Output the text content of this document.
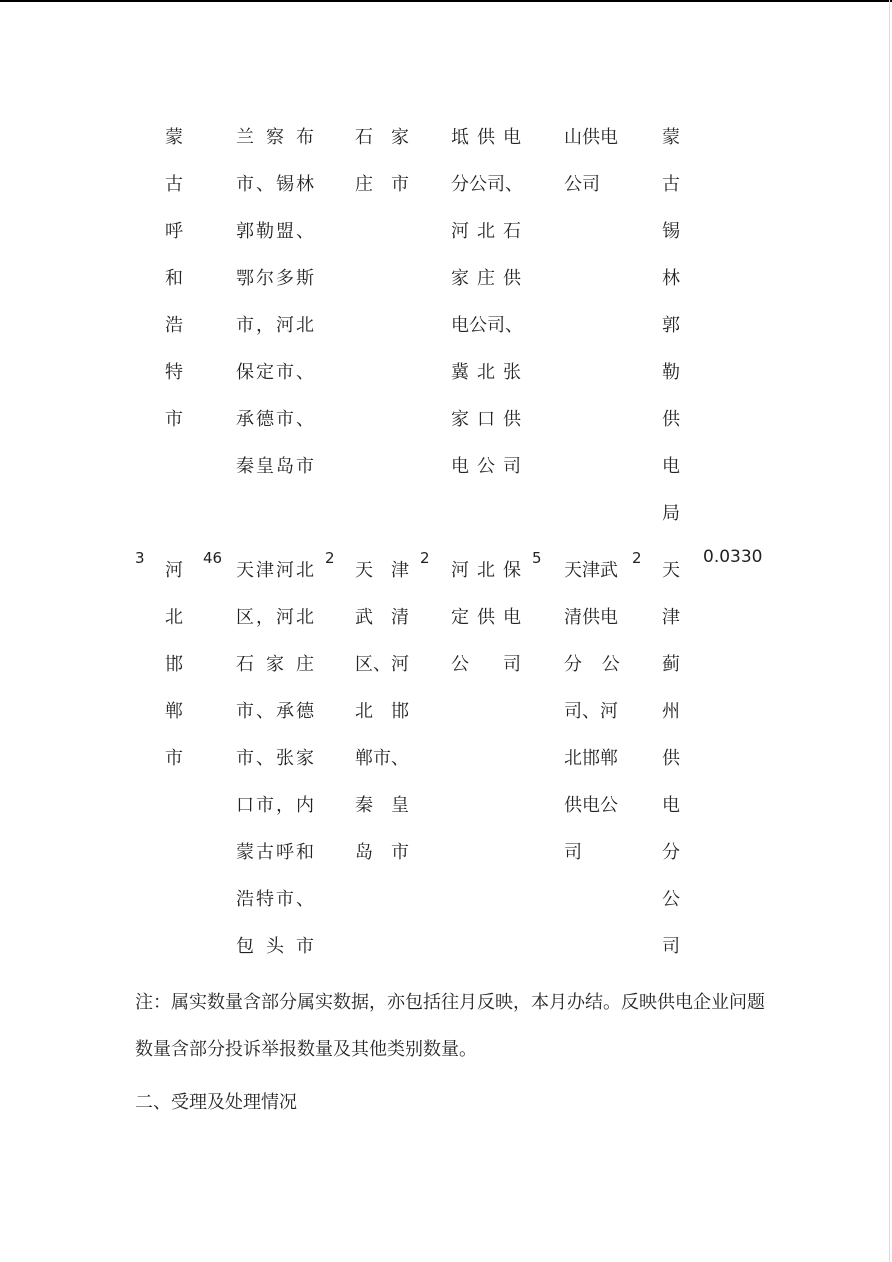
蒙
古
呼
和
浩
特
市
兰 察 布
市、锡林
郭勒盟、
鄂尔多斯
市，河北
保定市、
承德市、
秦皇岛市
石 家
庄市
坻 供 电
分公司、
河 北 石
家 庄 供
电公司、
冀 北 张
家 口 供
电公司
山供电
公司
蒙
古
锡
林
郭
勒
供
电
局
3
河
北
邯
郸
市
46
天津河北
区，河北
石 家 庄
市、承德
市、张家
口市，内
蒙古呼和
浩特市、
包头市
2
天 津
武 清
区、河
北 邯
郸市、
秦 皇
岛市
2
河 北 保
定 供 电
公司
5
天津武
清供电
分 公
司、河
北邯郸
供电公
司
2
天
津
蓟
州
供
电
分
公
司
0.0330
注：属实数量含部分属实数据，亦包括往月反映，本月办结。反映供电企业问题
数量含部分投诉举报数量及其他类别数量。
二、受理及处理情况
